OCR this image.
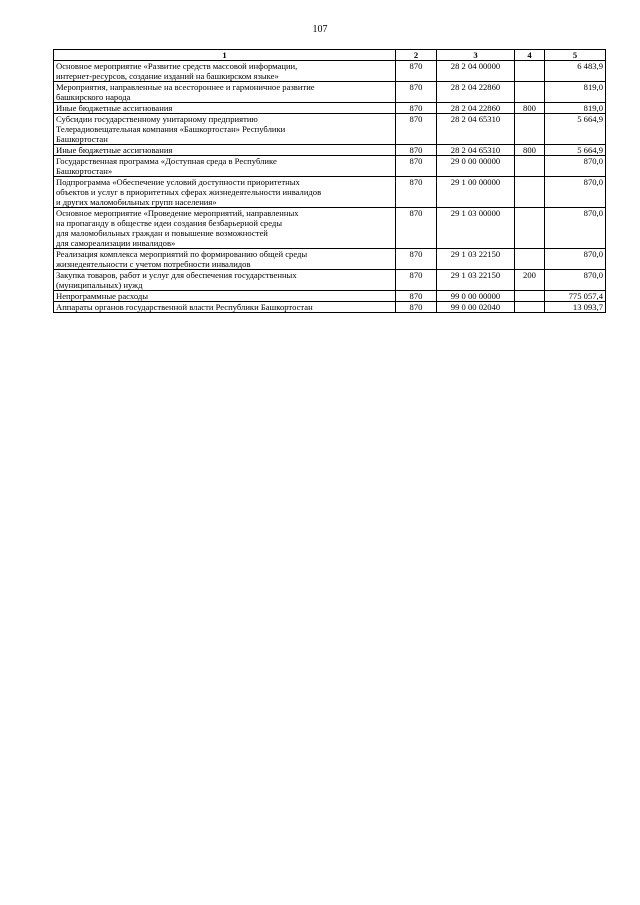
107
1	2	3	4	5

Основное мероприятие «Развитие средств массовой информации,
интернет-ресурсов, создание изданий на башкирском языке»	870	28 2 04 00000		6 483,9

Мероприятия, направленные на всестороннее и гармоничное развитие
башкирского народа	870	28 2 04 22860		819,0

Иные бюджетные ассигнования	870	28 2 04 22860	800	819,0

Субсидии государственному унитарному предприятию
Телерадиовещательная компания «Башкортостан» Республики
Башкортостан	870	28 2 04 65310		5 664,9

Иные бюджетные ассигнования	870	28 2 04 65310	800	5 664,9

Государственная программа «Доступная среда в Республике
Башкортостан»	870	29 0 00 00000		870,0

Подпрограмма «Обеспечение условий доступности приоритетных
объектов и услуг в приоритетных сферах жизнедеятельности инвалидов
и других маломобильных групп населения»	870	29 1 00 00000		870,0

Основное мероприятие «Проведение мероприятий, направленных
на пропаганду в обществе идеи создания безбарьерной среды
для маломобильных граждан и повышение возможностей
для самореализации инвалидов»	870	29 1 03 00000		870,0

Реализация комплекса мероприятий по формированию общей среды
жизнедеятельности с учетом потребности инвалидов	870	29 1 03 22150		870,0

Закупка товаров, работ и услуг для обеспечения государственных
(муниципальных) нужд	870	29 1 03 22150	200	870,0

Непрограммные расходы	870	99 0 00 00000		775 057,4

Аппараты органов государственной власти Республики Башкортостан	870	99 0 00 02040		13 093,7
